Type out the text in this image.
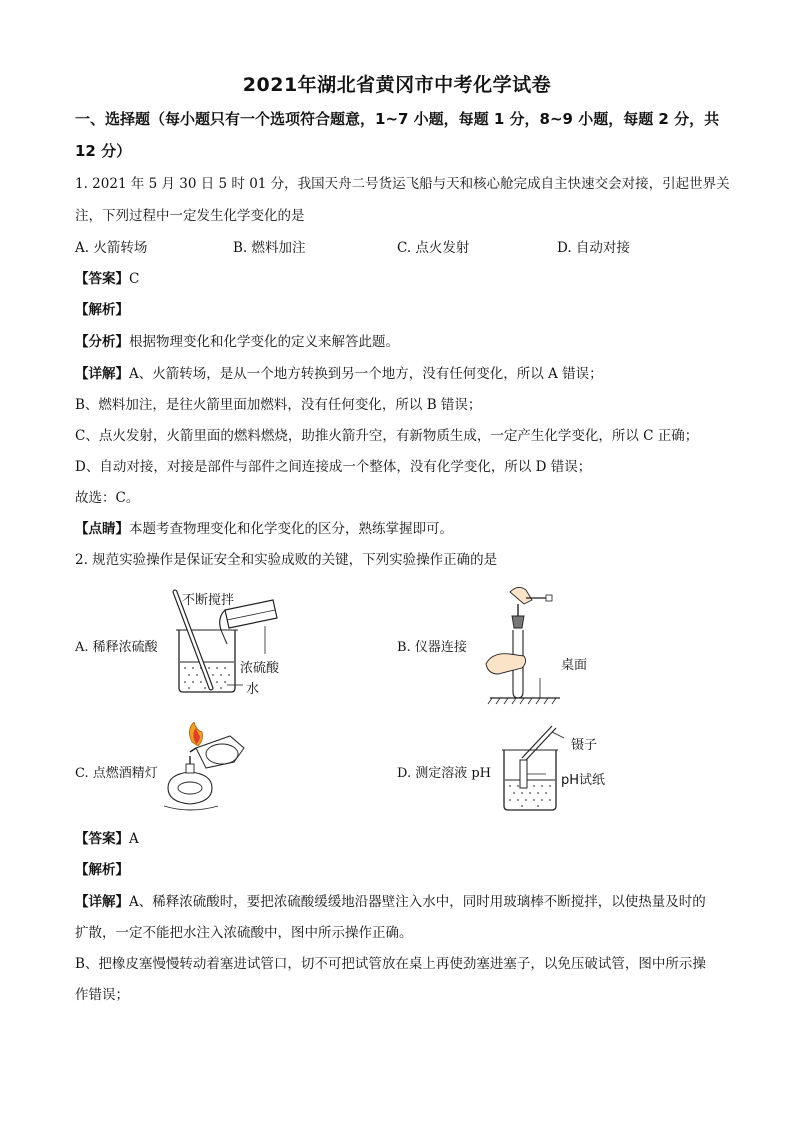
2021年湖北省黄冈市中考化学试卷
一、选择题（每小题只有一个选项符合题意，1~7 小题，每题 1 分，8~9 小题，每题 2 分，共
12 分）
1. 2021 年 5 月 30 日 5 时 01 分，我国天舟二号货运飞船与天和核心舱完成自主快速交会对接，引起世界关
注，下列过程中一定发生化学变化的是
A. 火箭转场	B. 燃料加注	C. 点火发射	D. 自动对接
【答案】C
【解析】
【分析】根据物理变化和化学变化的定义来解答此题。
【详解】A、火箭转场，是从一个地方转换到另一个地方，没有任何变化，所以 A 错误；
B、燃料加注，是往火箭里面加燃料，没有任何变化，所以 B 错误；
C、点火发射，火箭里面的燃料燃烧，助推火箭升空，有新物质生成，一定产生化学变化，所以 C 正确；
D、自动对接，对接是部件与部件之间连接成一个整体，没有化学变化，所以 D 错误；
故选：C。
【点睛】本题考查物理变化和化学变化的区分，熟练掌握即可。
2. 规范实验操作是保证安全和实验成败的关键，下列实验操作正确的是
A. 稀释浓硫酸	B. 仪器连接
C. 点燃酒精灯	D. 测定溶液 pH
不断搅拌
浓硫酸
水
桌面
镊子
pH试纸
【答案】A
【解析】
【详解】A、稀释浓硫酸时，要把浓硫酸缓缓地沿器壁注入水中，同时用玻璃棒不断搅拌，以使热量及时的
扩散，一定不能把水注入浓硫酸中，图中所示操作正确。
B、把橡皮塞慢慢转动着塞进试管口，切不可把试管放在桌上再使劲塞进塞子，以免压破试管，图中所示操
作错误；
